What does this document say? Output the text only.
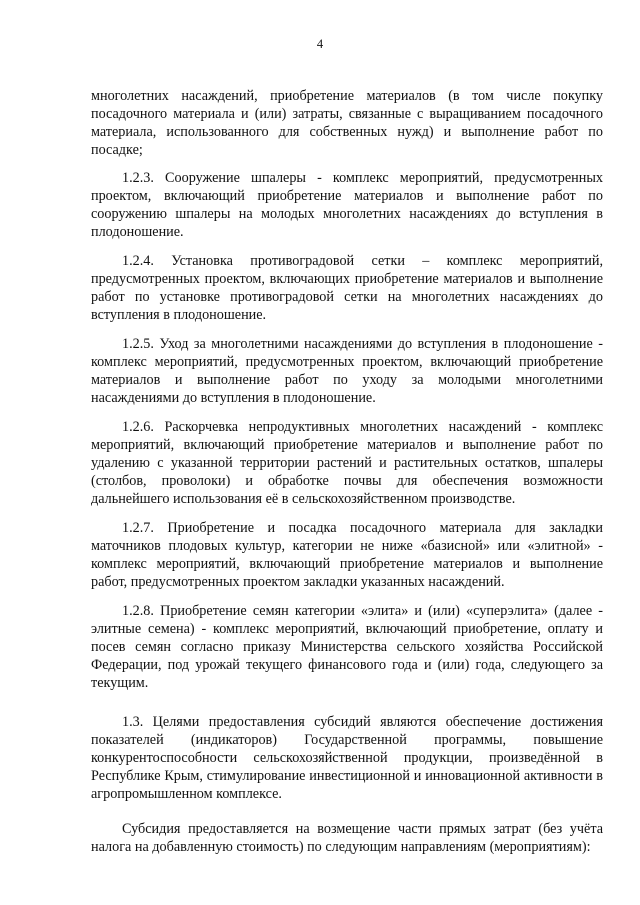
4

многолетних насаждений, приобретение материалов (в том числе покупку посадочного материала и (или) затраты, связанные с выращиванием посадочного материала, использованного для собственных нужд) и выполнение работ по посадке;

1.2.3. Сооружение шпалеры - комплекс мероприятий, предусмотренных проектом, включающий приобретение материалов и выполнение работ по сооружению шпалеры на молодых многолетних насаждениях до вступления в плодоношение.

1.2.4. Установка противоградовой сетки – комплекс мероприятий, предусмотренных проектом, включающих приобретение материалов и выполнение работ по установке противоградовой сетки на многолетних насаждениях до вступления в плодоношение.

1.2.5. Уход за многолетними насаждениями до вступления в плодоношение - комплекс мероприятий, предусмотренных проектом, включающий приобретение материалов и выполнение работ по уходу за молодыми многолетними насаждениями до вступления в плодоношение.

1.2.6. Раскорчевка непродуктивных многолетних насаждений - комплекс мероприятий, включающий приобретение материалов и выполнение работ по удалению с указанной территории растений и растительных остатков, шпалеры (столбов, проволоки) и обработке почвы для обеспечения возможности дальнейшего использования её в сельскохозяйственном производстве.

1.2.7. Приобретение и посадка посадочного материала для закладки маточников плодовых культур, категории не ниже «базисной» или «элитной» - комплекс мероприятий, включающий приобретение материалов и выполнение работ, предусмотренных проектом закладки указанных насаждений.

1.2.8. Приобретение семян категории «элита» и (или) «суперэлита» (далее - элитные семена) - комплекс мероприятий, включающий приобретение, оплату и посев семян согласно приказу Министерства сельского хозяйства Российской Федерации, под урожай текущего финансового года и (или) года, следующего за текущим.

1.3. Целями предоставления субсидий являются обеспечение достижения показателей (индикаторов) Государственной программы, повышение конкурентоспособности сельскохозяйственной продукции, произведённой в Республике Крым, стимулирование инвестиционной и инновационной активности в агропромышленном комплексе.

Субсидия предоставляется на возмещение части прямых затрат (без учёта налога на добавленную стоимость) по следующим направлениям (мероприятиям):
